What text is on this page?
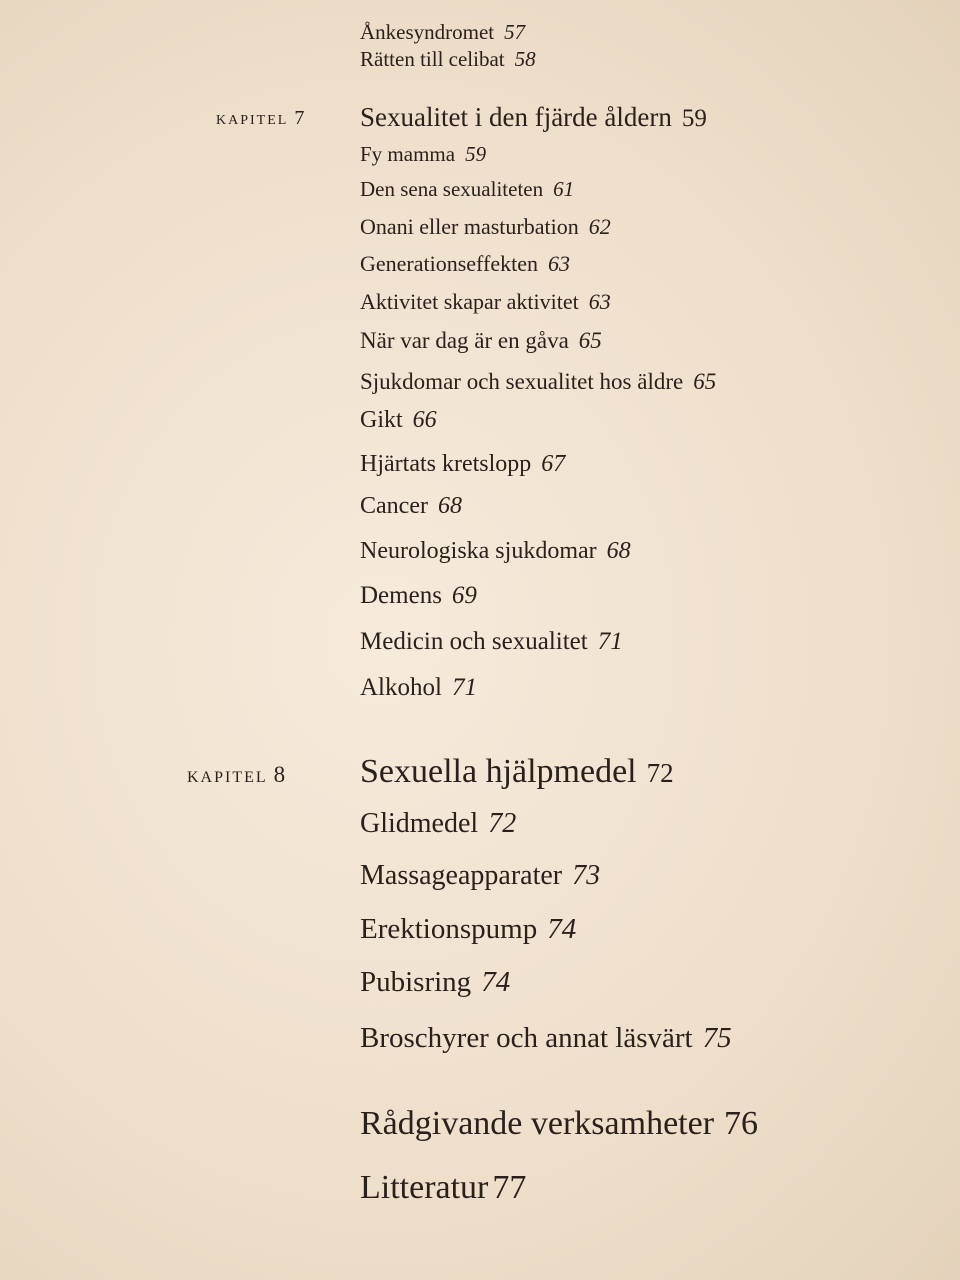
Ånkesyndromet 57
Rätten till celibat 58
kapitel 7 Sexualitet i den fjärde åldern 59
Fy mamma 59
Den sena sexualiteten 61
Onani eller masturbation 62
Generationseffekten 63
Aktivitet skapar aktivitet 63
När var dag är en gåva 65
Sjukdomar och sexualitet hos äldre 65
Gikt 66
Hjärtats kretslopp 67
Cancer 68
Neurologiska sjukdomar 68
Demens 69
Medicin och sexualitet 71
Alkohol 71
kapitel 8 Sexuella hjälpmedel 72
Glidmedel 72
Massageapparater 73
Erektionspump 74
Pubisring 74
Broschyrer och annat läsvärt 75
Rådgivande verksamheter 76
Litteratur 77
